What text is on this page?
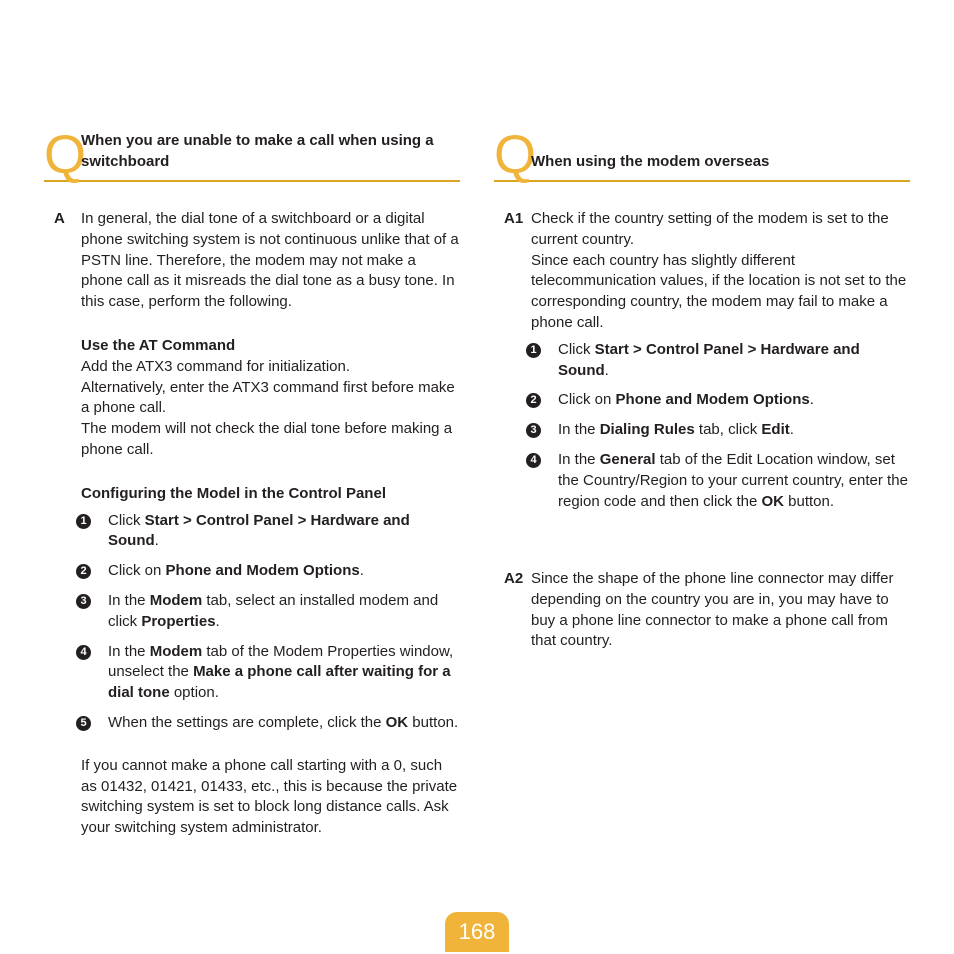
Q
When you are unable to make a call when using a switchboard
A	In general, the dial tone of a switchboard or a digital phone switching system is not continuous unlike that of a PSTN line. Therefore, the modem may not make a phone call as it misreads the dial tone as a busy tone. In this case, perform the following.

Use the AT Command

Add the ATX3 command for initialization.

Alternatively, enter the ATX3 command first before make a phone call.

The modem will not check the dial tone before making a phone call.

Configuring the Model in the Control Panel

1 Click Start > Control Panel > Hardware and Sound.
2 Click on Phone and Modem Options.
3 In the Modem tab, select an installed modem and click Properties.
4 In the Modem tab of the Modem Properties window, unselect the Make a phone call after waiting for a dial tone option.
5 When the settings are complete, click the OK button.

If you cannot make a phone call starting with a 0, such as 01432, 01421, 01433, etc., this is because the private switching system is set to block long distance calls. Ask your switching system administrator.

Q
When using the modem overseas
A1 Check if the country setting of the modem is set to the current country.

Since each country has slightly different telecommunication values, if the location is not set to the corresponding country, the modem may fail to make a phone call.

1 Click Start > Control Panel > Hardware and Sound.
2 Click on Phone and Modem Options.
3 In the Dialing Rules tab, click Edit.
4 In the General tab of the Edit Location window, set the Country/Region to your current country, enter the region code and then click the OK button.
A2 Since the shape of the phone line connector may differ depending on the country you are in, you may have to buy a phone line connector to make a phone call from that country.

168
